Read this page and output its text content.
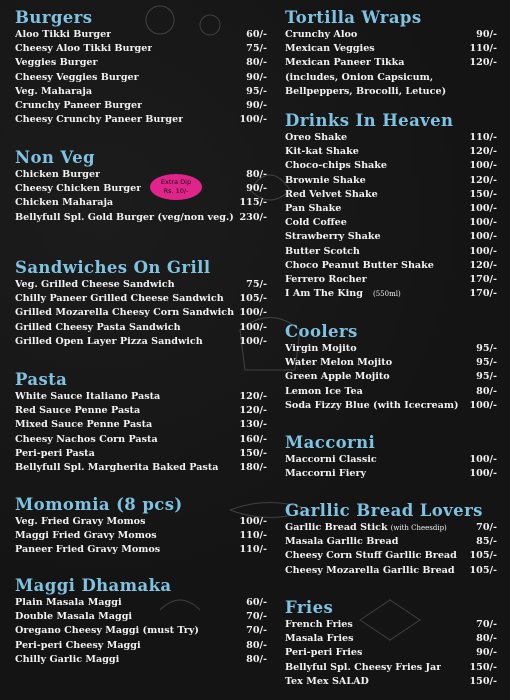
Burgers
Aloo Tikki Burger	60/-
Cheesy Aloo Tikki Burger	75/-
Veggies Burger	80/-
Cheesy Veggies Burger	90/-
Veg. Maharaja	95/-
Crunchy Paneer Burger	90/-
Cheesy Crunchy Paneer Burger	100/-
Non Veg
Chicken Burger	80/-
Cheesy Chicken Burger	90/-
Chicken Maharaja	115/-
Bellyfull Spl. Gold Burger (veg/non veg.) 230/-
Sandwiches On Grill
Veg. Grilled Cheese Sandwich	75/-
Chilly Paneer Grilled Cheese Sandwich	105/-
Grilled Mozarella Cheesy Corn Sandwich 100/-
Grilled Cheesy Pasta Sandwich	100/-
Grilled Open Layer Pizza Sandwich	100/-
Pasta
White Sauce Italiano Pasta	120/-
Red Sauce Penne Pasta	120/-
Mixed Sauce Penne Pasta	130/-
Cheesy Nachos Corn Pasta	160/-
Peri-peri Pasta	150/-
Bellyfull Spl. Margherita Baked Pasta	180/-
Momomia (8 pcs)
Veg. Fried Gravy Momos	100/-
Maggi Fried Gravy Momos	110/-
Paneer Fried Gravy Momos	110/-
Maggi Dhamaka
Plain Masala Maggi	60/-
Double Masala Maggi	70/-
Oregano Cheesy Maggi (must Try)	70/-
Peri-peri Cheesy Maggi	80/-
Chilly Garlic Maggi	80/-
Extra Dip
Rs. 10/-
Tortilla Wraps
Crunchy Aloo	90/-
Mexican Veggies	110/-
Mexican Paneer Tikka	120/-
(includes, Onion Capsicum,
Bellpeppers, Brocolli, Letuce)
Drinks In Heaven
Oreo Shake	110/-
Kit-kat Shake	120/-
Choco-chips Shake	100/-
Brownie Shake	120/-
Red Velvet Shake	150/-
Pan Shake	100/-
Cold Coffee	100/-
Strawberry Shake	100/-
Butter Scotch	100/-
Choco Peanut Butter Shake	120/-
Ferrero Rocher	170/-
I Am The King (550ml)	170/-
Coolers
Virgin Mojito	95/-
Water Melon Mojito	95/-
Green Apple Mojito	95/-
Lemon Ice Tea	80/-
Soda Fizzy Blue (with Icecream)	100/-
Maccorni
Maccorni Classic	100/-
Maccorni Fiery	100/-
Garllic Bread Lovers
Garllic Bread Stick (with Cheesdip)	70/-
Masala Garllic Bread	85/-
Cheesy Corn Stuff Garllic Bread	105/-
Cheesy Mozarella Garllic Bread	105/-
Fries
French Fries	70/-
Masala Fries	80/-
Peri-peri Fries	90/-
Bellyful Spl. Cheesy Fries Jar	150/-
Tex Mex SALAD	150/-
